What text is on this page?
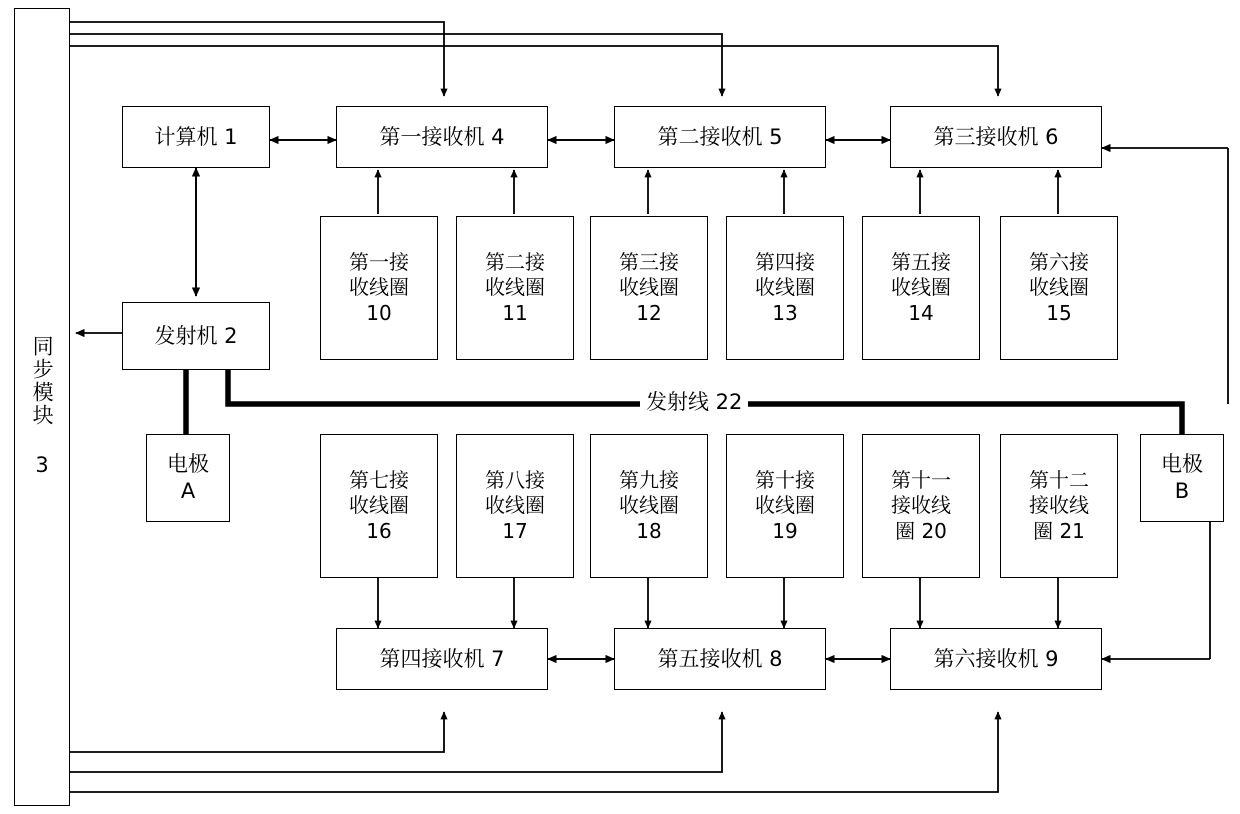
同步模块 3
计算机 1
发射机 2
电极
A
电极
B
第一接收机 4	第二接收机 5	第三接收机 6
第四接收机 7	第五接收机 8	第六接收机 9
第一接
收线圈
10
第二接
收线圈
11
第三接
收线圈
12
第四接
收线圈
13
第五接
收线圈
14
第六接
收线圈
15
第七接
收线圈
16
第八接
收线圈
17
第九接
收线圈
18
第十接
收线圈
19
第十一
接收线
圈 20
第十二
接收线
圈 21
发射线 22
